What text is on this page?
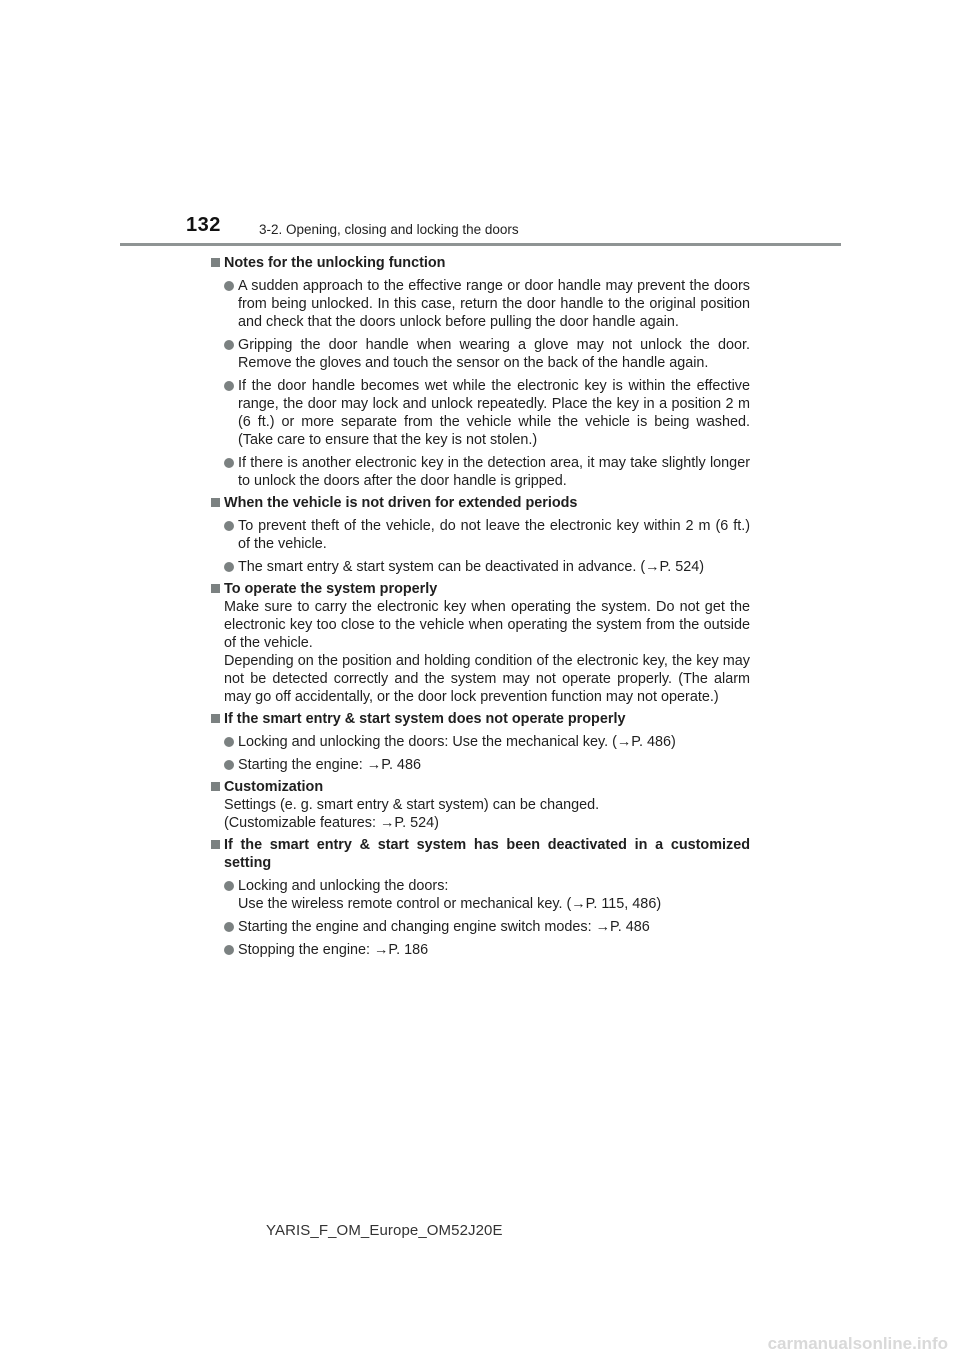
132	3-2. Opening, closing and locking the doors
Notes for the unlocking function
A sudden approach to the effective range or door handle may prevent the doors from being unlocked. In this case, return the door handle to the original position and check that the doors unlock before pulling the door handle again.
Gripping the door handle when wearing a glove may not unlock the door. Remove the gloves and touch the sensor on the back of the handle again.
If the door handle becomes wet while the electronic key is within the effective range, the door may lock and unlock repeatedly. Place the key in a position 2 m (6 ft.) or more separate from the vehicle while the vehicle is being washed. (Take care to ensure that the key is not stolen.)
If there is another electronic key in the detection area, it may take slightly longer to unlock the doors after the door handle is gripped.
When the vehicle is not driven for extended periods
To prevent theft of the vehicle, do not leave the electronic key within 2 m (6 ft.) of the vehicle.
The smart entry & start system can be deactivated in advance. (→P. 524)
To operate the system properly
Make sure to carry the electronic key when operating the system. Do not get the electronic key too close to the vehicle when operating the system from the outside of the vehicle.
Depending on the position and holding condition of the electronic key, the key may not be detected correctly and the system may not operate properly. (The alarm may go off accidentally, or the door lock prevention function may not operate.)
If the smart entry & start system does not operate properly
Locking and unlocking the doors: Use the mechanical key. (→P. 486)
Starting the engine: →P. 486
Customization
Settings (e. g. smart entry & start system) can be changed.
(Customizable features: →P. 524)
If the smart entry & start system has been deactivated in a customized setting
Locking and unlocking the doors:
Use the wireless remote control or mechanical key. (→P. 115, 486)
Starting the engine and changing engine switch modes: →P. 486
Stopping the engine: →P. 186
YARIS_F_OM_Europe_OM52J20E
carmanualsonline.info
